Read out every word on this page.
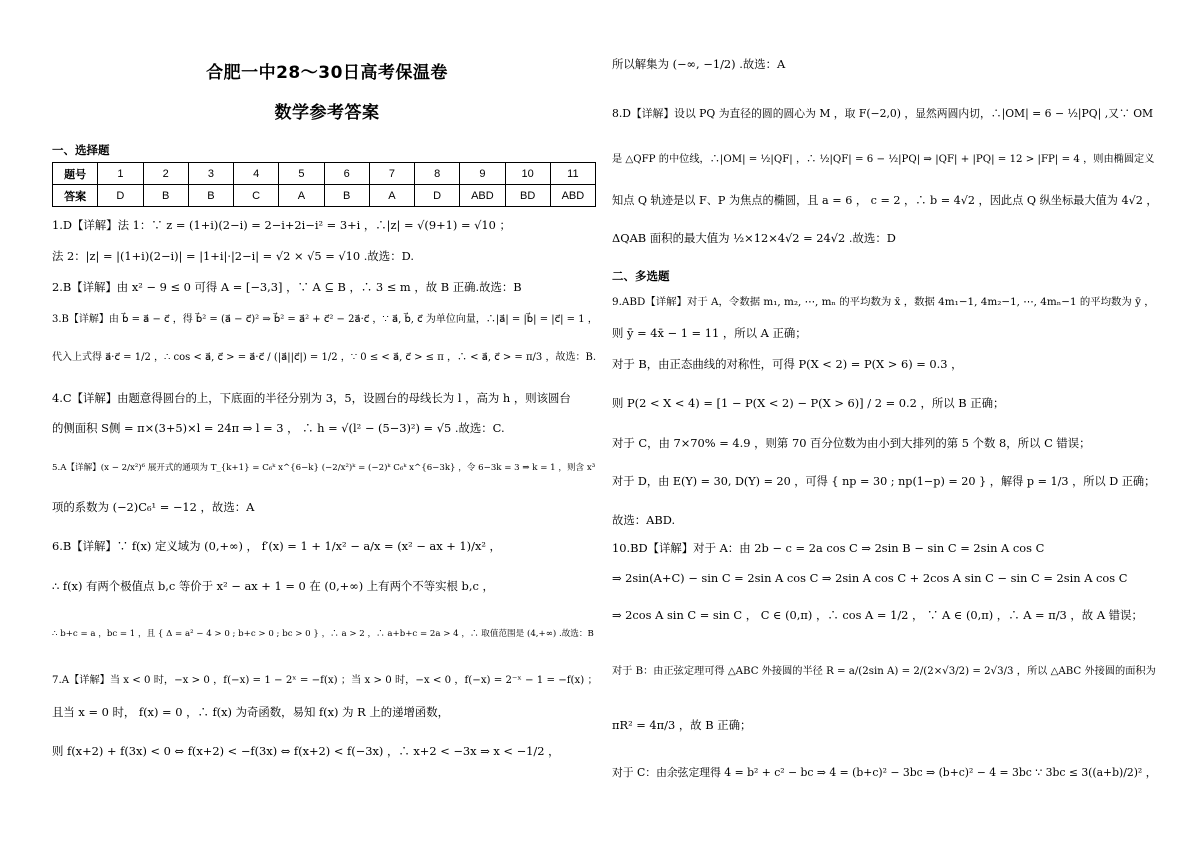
合肥一中28～30日高考保温卷
数学参考答案
一、选择题
题号	1	2	3	4	5	6	7	8	9	10	11
答案	D	B	B	C	A	B	A	D	ABD	BD	ABD
1.D【详解】法 1：∵ z = (1+i)(2−i) = 2−i+2i−i² = 3+i ，∴|z| = √(9+1) = √10 ；
法 2：|z| = |(1+i)(2−i)| = |1+i|·|2−i| = √2 × √5 = √10 .故选：D.
2.B【详解】由 x² − 9 ≤ 0 可得 A = [−3,3] ，∵ A ⊆ B ，∴ 3 ≤ m ，故 B 正确.故选：B
3.B【详解】由 b⃗ = a⃗ − c⃗ ，得 b⃗² = (a⃗ − c⃗)² ⇒ b⃗² = a⃗² + c⃗² − 2a⃗·c⃗ ，∵ a⃗, b⃗, c⃗ 为单位向量，∴|a⃗| = |b⃗| = |c⃗| = 1 ，
代入上式得 a⃗·c⃗ = 1/2 ，∴ cos < a⃗, c⃗ > = a⃗·c⃗ / (|a⃗||c⃗|) = 1/2 ，∵ 0 ≤ < a⃗, c⃗ > ≤ π ，∴ < a⃗, c⃗ > = π/3 ，故选：B.
4.C【详解】由题意得圆台的上，下底面的半径分别为 3，5，设圆台的母线长为 l ，高为 h ，则该圆台
的侧面积 S侧 = π×(3+5)×l = 24π ⇒ l = 3 ， ∴ h = √(l² − (5−3)²) = √5 .故选：C.
5.A【详解】(x − 2/x²)⁶ 展开式的通项为 T_{k+1} = C₆ᵏ x^{6−k} (−2/x²)ᵏ = (−2)ᵏ C₆ᵏ x^{6−3k} ，令 6−3k = 3 ⇒ k = 1 ，则含 x³
项的系数为 (−2)C₆¹ = −12 ，故选：A
6.B【详解】∵ f(x) 定义域为 (0,+∞) ， f′(x) = 1 + 1/x² − a/x = (x² − ax + 1)/x² ，
∴ f(x) 有两个极值点 b,c 等价于 x² − ax + 1 = 0 在 (0,+∞) 上有两个不等实根 b,c ，
∴ b+c = a ，bc = 1 ，且 { Δ = a² − 4 > 0 ; b+c > 0 ; bc > 0 } ，∴ a > 2 ，∴ a+b+c = 2a > 4 ，∴ 取值范围是 (4,+∞) .故选：B
7.A【详解】当 x < 0 时，−x > 0 ，f(−x) = 1 − 2ˣ = −f(x) ；当 x > 0 时，−x < 0 ，f(−x) = 2⁻ˣ − 1 = −f(x) ；
且当 x = 0 时， f(x) = 0 ，∴ f(x) 为奇函数，易知 f(x) 为 R 上的递增函数，
则 f(x+2) + f(3x) < 0 ⇔ f(x+2) < −f(3x) ⇔ f(x+2) < f(−3x) ，∴ x+2 < −3x ⇒ x < −1/2 ，
所以解集为 (−∞, −1/2) .故选：A
8.D【详解】设以 PQ 为直径的圆的圆心为 M ，取 F(−2,0) ，显然两圆内切，∴|OM| = 6 − ½|PQ| ,又∵ OM
是 △QFP 的中位线，∴|OM| = ½|QF| ，∴ ½|QF| = 6 − ½|PQ| ⇒ |QF| + |PQ| = 12 > |FP| = 4 ，则由椭圆定义
知点 Q 轨迹是以 F、P 为焦点的椭圆，且 a = 6 ， c = 2 ，∴ b = 4√2 ，因此点 Q 纵坐标最大值为 4√2 ，
ΔQAB 面积的最大值为 ½×12×4√2 = 24√2 .故选：D
二、多选题
9.ABD【详解】对于 A，令数据 m₁, m₂, ⋯, mₙ 的平均数为 x̄ ，数据 4m₁−1, 4m₂−1, ⋯, 4mₙ−1 的平均数为 ȳ ，
则 ȳ = 4x̄ − 1 = 11 ，所以 A 正确；
对于 B，由正态曲线的对称性，可得 P(X < 2) = P(X > 6) = 0.3 ，
则 P(2 < X < 4) = [1 − P(X < 2) − P(X > 6)] / 2 = 0.2 ，所以 B 正确；
对于 C，由 7×70% = 4.9 ，则第 70 百分位数为由小到大排列的第 5 个数 8，所以 C 错误；
对于 D，由 E(Y) = 30, D(Y) = 20 ，可得 { np = 30 ; np(1−p) = 20 } ，解得 p = 1/3 ，所以 D 正确；
故选：ABD.
10.BD【详解】对于 A：由 2b − c = 2a cos C ⇒ 2sin B − sin C = 2sin A cos C
⇒ 2sin(A+C) − sin C = 2sin A cos C ⇒ 2sin A cos C + 2cos A sin C − sin C = 2sin A cos C
⇒ 2cos A sin C = sin C ， C ∈ (0,π) ，∴ cos A = 1/2 ， ∵ A ∈ (0,π) ，∴ A = π/3 ，故 A 错误；
对于 B：由正弦定理可得 △ABC 外接圆的半径 R = a/(2sin A) = 2/(2×√3/2) = 2√3/3 ，所以 △ABC 外接圆的面积为
πR² = 4π/3 ，故 B 正确；
对于 C：由余弦定理得 4 = b² + c² − bc ⇒ 4 = (b+c)² − 3bc ⇒ (b+c)² − 4 = 3bc ∵ 3bc ≤ 3((a+b)/2)² ，
